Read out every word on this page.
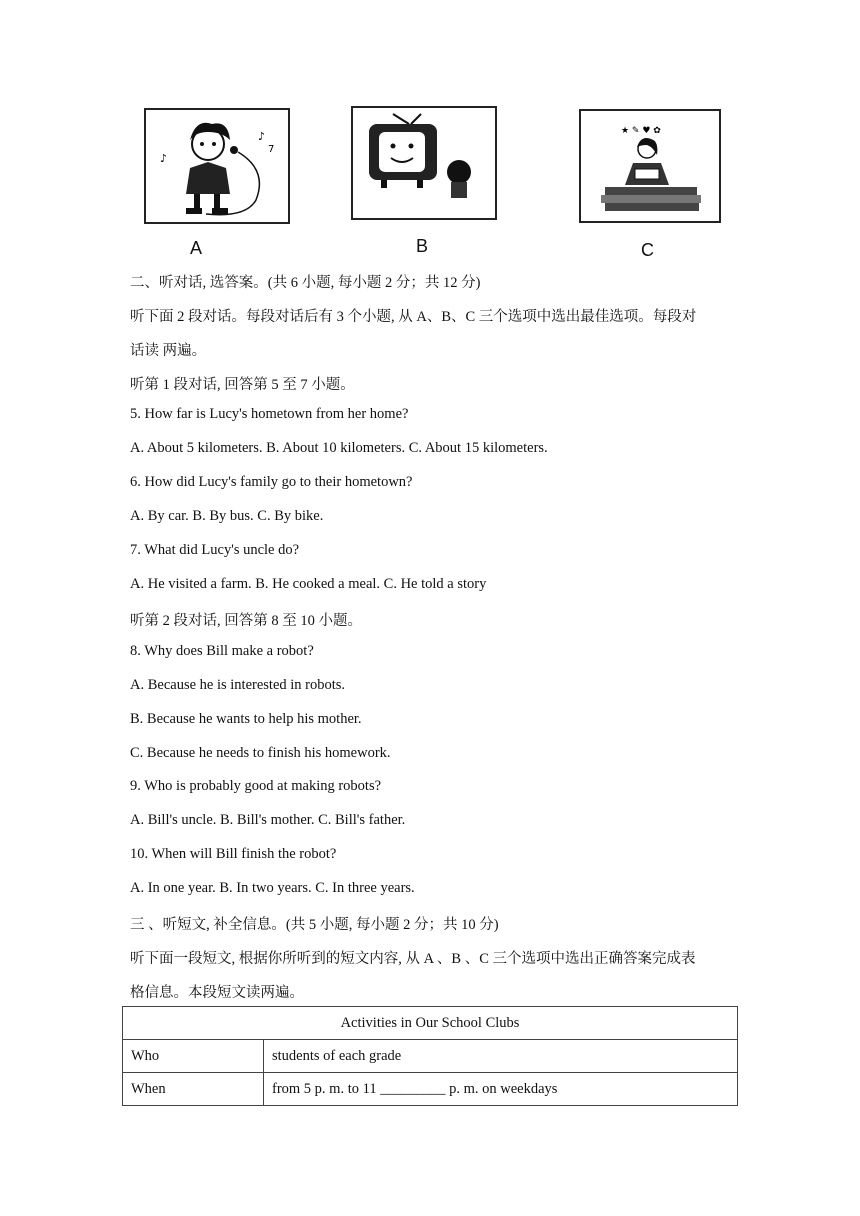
♪
♪
7
A	B
★ ✎ ♥ ✿
C
二、听对话, 选答案。(共 6 小题, 每小题 2 分；共 12 分)
听下面 2 段对话。每段对话后有 3 个小题, 从 A、B、C 三个选项中选出最佳选项。每段对
话读 两遍。
听第 1 段对话, 回答第 5 至 7 小题。
5. How far is Lucy's hometown from her home?
A. About 5 kilometers. B. About 10 kilometers. C. About 15 kilometers.
6. How did Lucy's family go to their hometown?
A. By car. B. By bus. C. By bike.
7. What did Lucy's uncle do?
A. He visited a farm. B. He cooked a meal. C. He told a story
听第 2 段对话, 回答第 8 至 10 小题。
8. Why does Bill make a robot?
A. Because he is interested in robots.
B. Because he wants to help his mother.
C. Because he needs to finish his homework.
9. Who is probably good at making robots?
A. Bill's uncle. B. Bill's mother. C. Bill's father.
10. When will Bill finish the robot?
A. In one year. B. In two years. C. In three years.
三 、听短文, 补全信息。(共 5 小题, 每小题 2 分；共 10 分)
听下面一段短文, 根据你所听到的短文内容, 从 A 、B 、C 三个选项中选出正确答案完成表
格信息。本段短文读两遍。
Activities in Our School Clubs	
Who	students of each grade
When	from 5 p. m. to 11 _________ p. m. on weekdays
